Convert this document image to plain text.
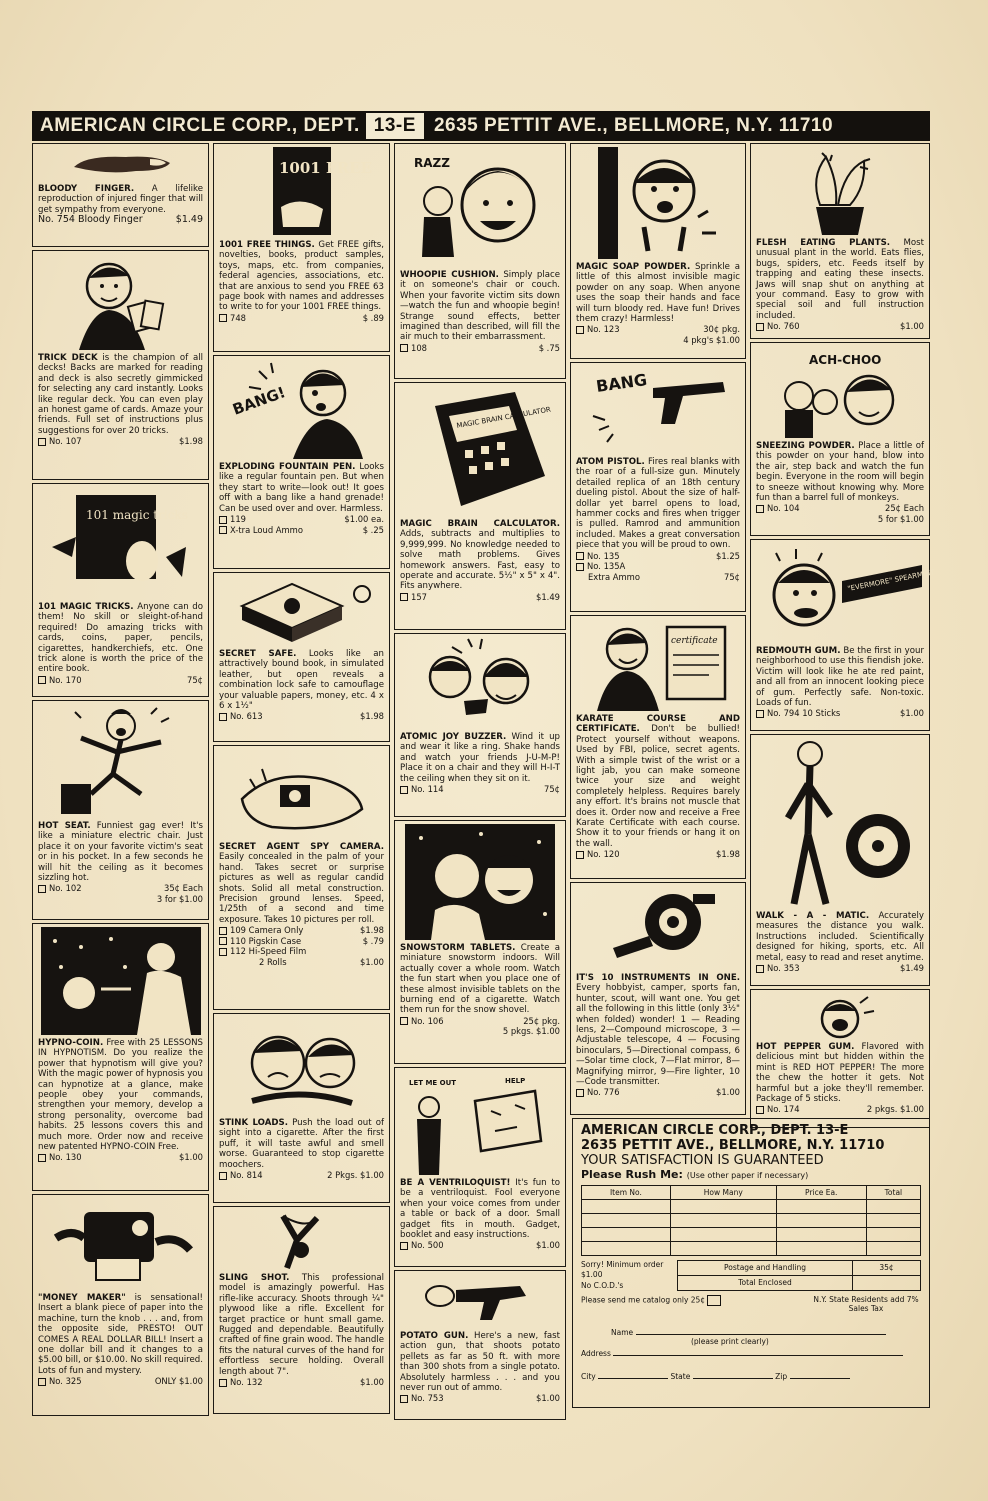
AMERICAN CIRCLE CORP., DEPT. 13-E 2635 PETTIT AVE., BELLMORE, N.Y. 11710
BLOODY FINGER. A lifelike reproduction of injured finger that will get sympathy from everyone.
No. 754 Bloody Finger	$1.49
TRICK DECK is the champion of all decks! Backs are marked for reading and deck is also secretly gimmicked for selecting any card instantly. Looks like regular deck. You can even play an honest game of cards. Amaze your friends. Full set of instructions plus suggestions for over 20 tricks.
No. 107	$1.98
101 magic tricks
101 MAGIC TRICKS. Anyone can do them! No skill or sleight-of-hand required! Do amazing tricks with cards, coins, paper, pencils, cigarettes, handkerchiefs, etc. One trick alone is worth the price of the entire book.
No. 170	75¢
HOT SEAT. Funniest gag ever! It's like a miniature electric chair. Just place it on your favorite victim's seat or in his pocket. In a few seconds he will hit the ceiling as it becomes sizzling hot.
No. 102	35¢ Each
3 for $1.00
HYPNO-COIN. Free with 25 LESSONS IN HYPNOTISM. Do you realize the power that hypnotism will give you? With the magic power of hypnosis you can hypnotize at a glance, make people obey your commands, strengthen your memory, develop a strong personality, overcome bad habits. 25 lessons covers this and much more. Order now and receive new patented HYPNO-COIN Free.
No. 130	$1.00
"MONEY MAKER" is sensational! Insert a blank piece of paper into the machine, turn the knob . . . and, from the opposite side, PRESTO! OUT COMES A REAL DOLLAR BILL! Insert a one dollar bill and it changes to a $5.00 bill, or $10.00. No skill required. Lots of fun and mystery.
No. 325	ONLY $1.00
1001 FREE
1001 FREE THINGS. Get FREE gifts, novelties, books, product samples, toys, maps, etc. from companies, federal agencies, associations, etc. that are anxious to send you FREE 63 page book with names and addresses to write to for your 1001 FREE things.
748	$ .89
BANG!
EXPLODING FOUNTAIN PEN. Looks like a regular fountain pen. But when they start to write—look out! It goes off with a bang like a hand grenade! Can be used over and over. Harmless.
119	$1.00 ea.
X-tra Loud Ammo	$ .25
SECRET SAFE. Looks like an attractively bound book, in simulated leather, but open reveals a combination lock safe to camouflage your valuable papers, money, etc. 4 x 6 x 1½"
No. 613	$1.98
SECRET AGENT SPY CAMERA. Easily concealed in the palm of your hand. Takes secret or surprise pictures as well as regular candid shots. Solid all metal construction. Precision ground lenses. Speed, 1/25th of a second and time exposure. Takes 10 pictures per roll.
109 Camera Only	$1.98
110 Pigskin Case	$ .79
112 Hi-Speed Film
2 Rolls	$1.00
STINK LOADS. Push the load out of sight into a cigarette. After the first puff, it will taste awful and smell worse. Guaranteed to stop cigarette moochers.
No. 814	2 Pkgs. $1.00
SLING SHOT. This professional model is amazingly powerful. Has rifle-like accuracy. Shoots through ¼" plywood like a rifle. Excellent for target practice or hunt small game. Rugged and dependable. Beautifully crafted of fine grain wood. The handle fits the natural curves of the hand for effortless secure holding. Overall length about 7".
No. 132	$1.00
RAZZ
WHOOPIE CUSHION. Simply place it on someone's chair or couch. When your favorite victim sits down—watch the fun and whoopie begin! Strange sound effects, better imagined than described, will fill the air much to their embarrassment.
108	$ .75
MAGIC BRAIN CALCULATOR
MAGIC BRAIN CALCULATOR. Adds, subtracts and multiplies to 9,999,999. No knowledge needed to solve math problems. Gives homework answers. Fast, easy to operate and accurate. 5½" x 5" x 4". Fits anywhere.
157	$1.49
ATOMIC JOY BUZZER. Wind it up and wear it like a ring. Shake hands and watch your friends J-U-M-P! Place it on a chair and they will H-I-T the ceiling when they sit on it.
No. 114	75¢
SNOWSTORM TABLETS. Create a miniature snowstorm indoors. Will actually cover a whole room. Watch the fun start when you place one of these almost invisible tablets on the burning end of a cigarette. Watch them run for the snow shovel.
No. 106	25¢ pkg.
5 pkgs. $1.00
LET ME OUT	HELP
BE A VENTRILOQUIST! It's fun to be a ventriloquist. Fool everyone when your voice comes from under a table or back of a door. Small gadget fits in mouth. Gadget, booklet and easy instructions.
No. 500	$1.00
POTATO GUN. Here's a new, fast action gun, that shoots potato pellets as far as 50 ft. with more than 300 shots from a single potato. Absolutely harmless . . . and you never run out of ammo.
No. 753	$1.00
MAGIC SOAP POWDER. Sprinkle a little of this almost invisible magic powder on any soap. When anyone uses the soap their hands and face will turn bloody red. Have fun! Drives them crazy! Harmless!
No. 123	30¢ pkg.
4 pkg's $1.00
BANG
ATOM PISTOL. Fires real blanks with the roar of a full-size gun. Minutely detailed replica of an 18th century dueling pistol. About the size of half-dollar yet barrel opens to load, hammer cocks and fires when trigger is pulled. Ramrod and ammunition included. Makes a great conversation piece that you will be proud to own.
No. 135	$1.25
No. 135A
Extra Ammo	75¢
certificate
KARATE COURSE AND CERTIFICATE. Don't be bullied! Protect yourself without weapons. Used by FBI, police, secret agents. With a simple twist of the wrist or a light jab, you can make someone twice your size and weight completely helpless. Requires barely any effort. It's brains not muscle that does it. Order now and receive a Free Karate Certificate with each course. Show it to your friends or hang it on the wall.
No. 120	$1.98
IT'S 10 INSTRUMENTS IN ONE. Every hobbyist, camper, sports fan, hunter, scout, will want one. You get all the following in this little (only 3½" when folded) wonder! 1 — Reading lens, 2—Compound microscope, 3 — Adjustable telescope, 4 — Focusing binoculars, 5—Directional compass, 6—Solar time clock, 7—Flat mirror, 8—Magnifying mirror, 9—Fire lighter, 10—Code transmitter.
No. 776	$1.00
FLESH EATING PLANTS. Most unusual plant in the world. Eats flies, bugs, spiders, etc. Feeds itself by trapping and eating these insects. Jaws will snap shut on anything at your command. Easy to grow with special soil and full instruction included.
No. 760	$1.00
ACH-CHOO
SNEEZING POWDER. Place a little of this powder on your hand, blow into the air, step back and watch the fun begin. Everyone in the room will begin to sneeze without knowing why. More fun than a barrel full of monkeys.
No. 104	25¢ Each
5 for $1.00
"EVERMORE" SPEARMINT
REDMOUTH GUM. Be the first in your neighborhood to use this fiendish joke. Victim will look like he ate red paint, and all from an innocent looking piece of gum. Perfectly safe. Non-toxic. Loads of fun.
No. 794 10 Sticks	$1.00
WALK - A - MATIC. Accurately measures the distance you walk. Instructions included. Scientifically designed for hiking, sports, etc. All metal, easy to read and reset anytime.
No. 353	$1.49
HOT PEPPER GUM. Flavored with delicious mint but hidden within the mint is RED HOT PEPPER! The more the chew the hotter it gets. Not harmful but a joke they'll remember. Package of 5 sticks.
No. 174	2 pkgs. $1.00
AMERICAN CIRCLE CORP., DEPT. 13-E
2635 PETTIT AVE., BELLMORE, N.Y. 11710
YOUR SATISFACTION IS GUARANTEED
Please Rush Me: (Use other paper if necessary)
Item No.	How Many	Price Ea.	Total

Sorry! Minimum order $1.00
No C.O.D.'s
Postage and Handling	35¢
Total Enclosed	
Please send me catalog only 25¢	N.Y. State Residents add 7% Sales Tax
Name
(please print clearly)
Address
City	State	Zip
